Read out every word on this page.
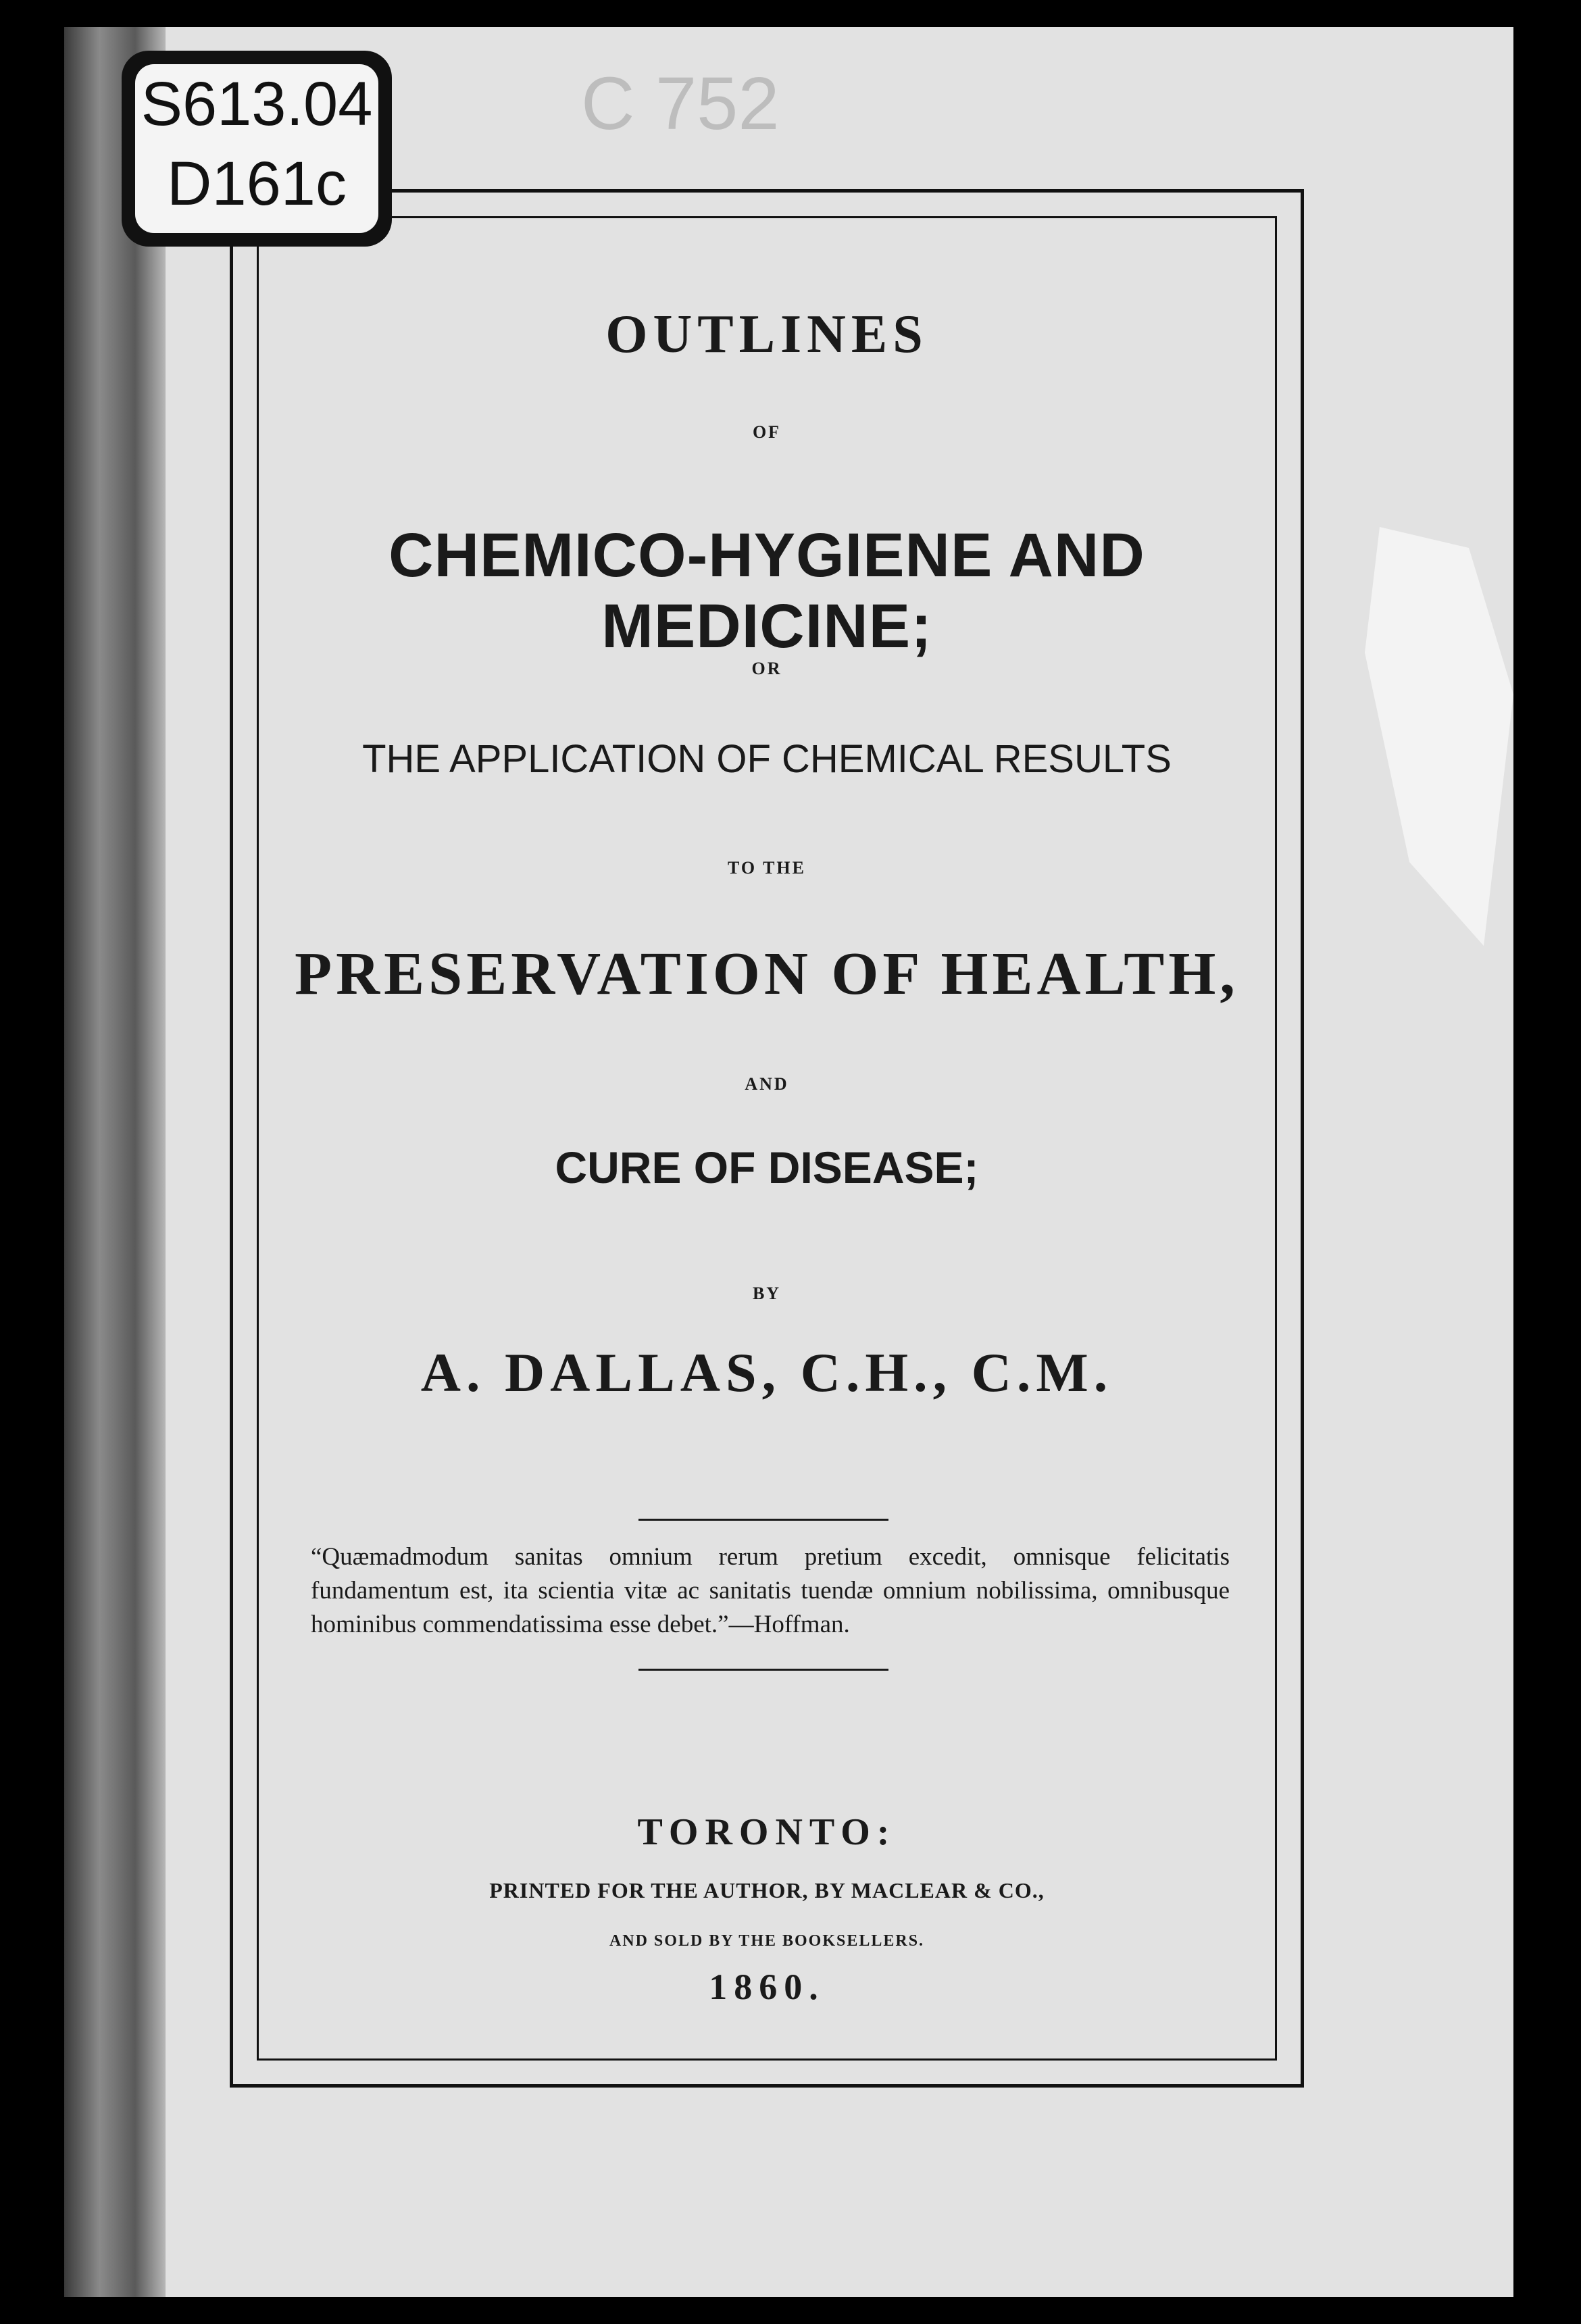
S613.04
D161c
C 752
OUTLINES
OF
CHEMICO-HYGIENE AND MEDICINE;
OR
THE APPLICATION OF CHEMICAL RESULTS
TO THE
PRESERVATION OF HEALTH,
AND
CURE OF DISEASE;
BY
A. DALLAS, C.H., C.M.
“Quæmadmodum sanitas omnium rerum pretium excedit, omnisque felicitatis fundamentum est, ita scientia vitæ ac sanitatis tuendæ omnium nobilissima, omnibusque hominibus commendatissima esse debet.”—Hoffman.
TORONTO:
PRINTED FOR THE AUTHOR, BY MACLEAR & CO.,
AND SOLD BY THE BOOKSELLERS.
1860.
